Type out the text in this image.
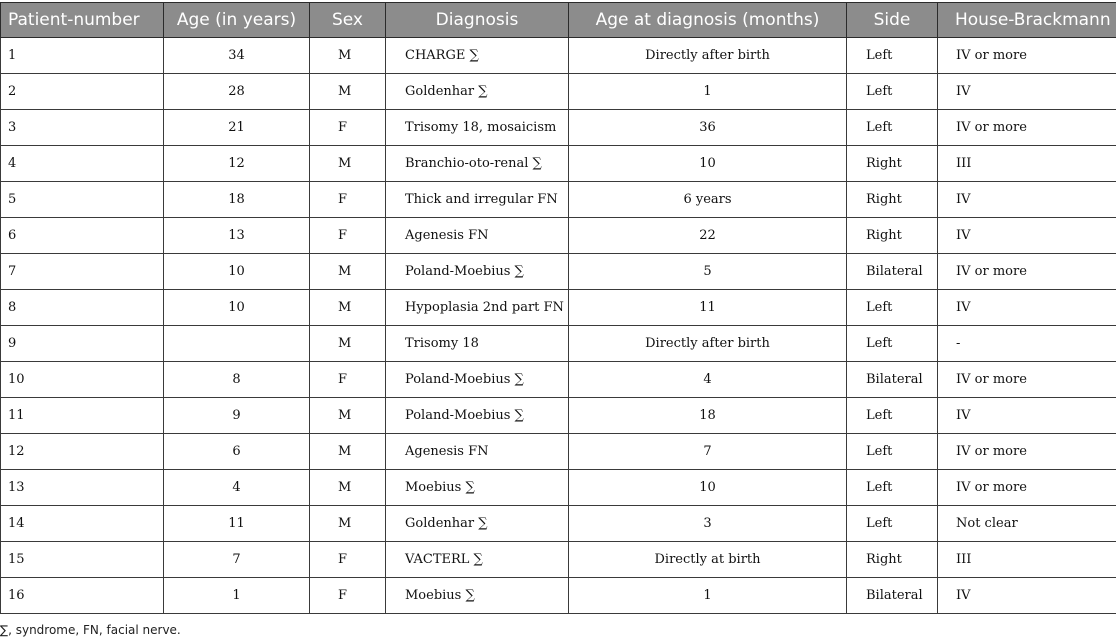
Patient-number	Age (in years)	Sex	Diagnosis	Age at diagnosis (months)	Side	House-Brackmann
1	34	M	CHARGE ∑	Directly after birth	Left	IV or more
2	28	M	Goldenhar ∑	1	Left	IV
3	21	F	Trisomy 18, mosaicism	36	Left	IV or more
4	12	M	Branchio-oto-renal ∑	10	Right	III
5	18	F	Thick and irregular FN	6 years	Right	IV
6	13	F	Agenesis FN	22	Right	IV
7	10	M	Poland-Moebius ∑	5	Bilateral	IV or more
8	10	M	Hypoplasia 2nd part FN	11	Left	IV
9		M	Trisomy 18	Directly after birth	Left	-
10	8	F	Poland-Moebius ∑	4	Bilateral	IV or more
11	9	M	Poland-Moebius ∑	18	Left	IV
12	6	M	Agenesis FN	7	Left	IV or more
13	4	M	Moebius ∑	10	Left	IV or more
14	11	M	Goldenhar ∑	3	Left	Not clear
15	7	F	VACTERL ∑	Directly at birth	Right	III
16	1	F	Moebius ∑	1	Bilateral	IV
∑, syndrome, FN, facial nerve.
